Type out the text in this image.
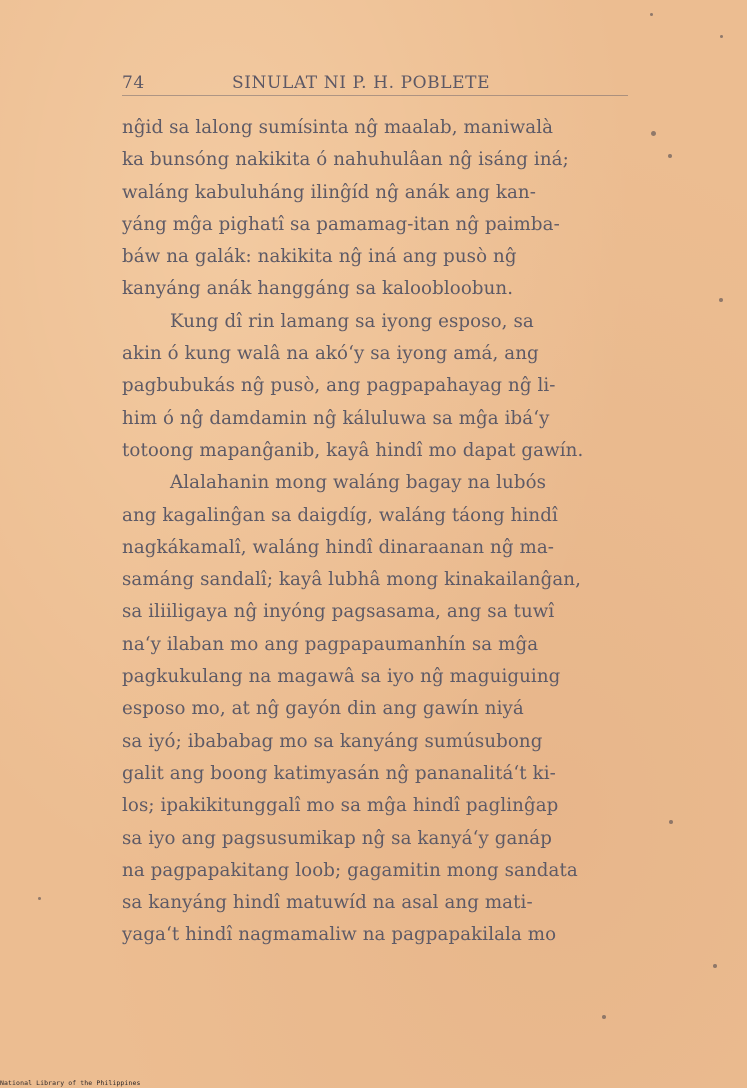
74	SINULAT NI P. H. POBLETE
nĝid sa lalong sumísinta nĝ maalab, maniwalà
ka bunsóng nakikita ó nahuhulâan nĝ isáng iná;
waláng kabuluháng ilinĝíd nĝ anák ang kan-
yáng mĝa pighatî sa pamamag-itan nĝ paimba-
báw na galák: nakikita nĝ iná ang pusò nĝ
kanyáng anák hanggáng sa kaloobloobun.
Kung dî rin lamang sa iyong esposo, sa
akin ó kung walâ na akó‘y sa iyong amá, ang
pagbubukás nĝ pusò, ang pagpapahayag nĝ li-
him ó nĝ damdamin nĝ káluluwa sa mĝa ibá‘y
totoong mapanĝanib, kayâ hindî mo dapat gawín.
Alalahanin mong waláng bagay na lubós
ang kagalinĝan sa daigdíg, waláng táong hindî
nagkákamalî, waláng hindî dinaraanan nĝ ma-
samáng sandalî; kayâ lubhâ mong kinakailanĝan,
sa iliiligaya nĝ inyóng pagsasama, ang sa tuwî
na‘y ilaban mo ang pagpapaumanhín sa mĝa
pagkukulang na magawâ sa iyo nĝ maguiguing
esposo mo, at nĝ gayón din ang gawín niyá
sa iyó; ibababag mo sa kanyáng sumúsubong
galit ang boong katimyasán nĝ pananalitá‘t ki-
los; ipakikitunggalî mo sa mĝa hindî paglinĝap
sa iyo ang pagsusumikap nĝ sa kanyá‘y ganáp
na pagpapakitang loob; gagamitin mong sandata
sa kanyáng hindî matuwíd na asal ang mati-
yaga‘t hindî nagmamaliw na pagpapakilala mo
National Library of the Philippines
